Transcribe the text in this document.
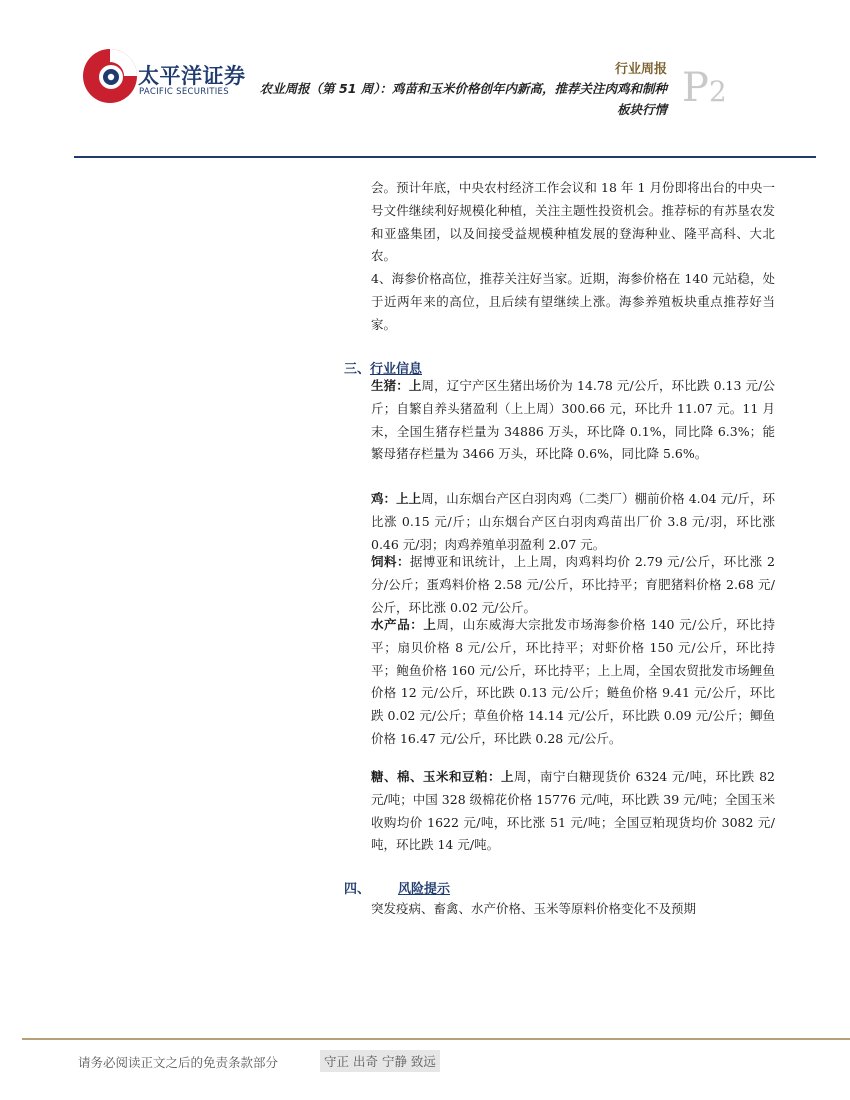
太平洋证券
PACIFIC SECURITIES
行业周报
农业周报（第 51 周）：鸡苗和玉米价格创年内新高，推荐关注肉鸡和制种板块行情 P2
会。预计年底，中央农村经济工作会议和 18 年 1 月份即将出台的中央一号文件继续利好规模化种植，关注主题性投资机会。推荐标的有苏垦农发和亚盛集团，以及间接受益规模种植发展的登海种业、隆平高科、大北农。
4、海参价格高位，推荐关注好当家。近期，海参价格在 140 元站稳，处于近两年来的高位，且后续有望继续上涨。海参养殖板块重点推荐好当家。
三、行业信息
生猪：上周，辽宁产区生猪出场价为 14.78 元/公斤，环比跌 0.13 元/公斤；自繁自养头猪盈利（上上周）300.66 元，环比升 11.07 元。11 月末，全国生猪存栏量为 34886 万头，环比降 0.1%，同比降 6.3%；能繁母猪存栏量为 3466 万头，环比降 0.6%，同比降 5.6%。
鸡：上上周，山东烟台产区白羽肉鸡（二类厂）棚前价格 4.04 元/斤，环比涨 0.15 元/斤；山东烟台产区白羽肉鸡苗出厂价 3.8 元/羽，环比涨 0.46 元/羽；肉鸡养殖单羽盈利 2.07 元。
饲料：据博亚和讯统计，上上周，肉鸡料均价 2.79 元/公斤，环比涨 2 分/公斤；蛋鸡料价格 2.58 元/公斤，环比持平；育肥猪料价格 2.68 元/公斤，环比涨 0.02 元/公斤。
水产品：上周，山东威海大宗批发市场海参价格 140 元/公斤，环比持平；扇贝价格 8 元/公斤，环比持平；对虾价格 150 元/公斤，环比持平；鲍鱼价格 160 元/公斤，环比持平；上上周，全国农贸批发市场鲤鱼价格 12 元/公斤，环比跌 0.13 元/公斤；鲢鱼价格 9.41 元/公斤，环比跌 0.02 元/公斤；草鱼价格 14.14 元/公斤，环比跌 0.09 元/公斤；鲫鱼价格 16.47 元/公斤，环比跌 0.28 元/公斤。
糖、棉、玉米和豆粕：上周，南宁白糖现货价 6324 元/吨，环比跌 82 元/吨；中国 328 级棉花价格 15776 元/吨，环比跌 39 元/吨；全国玉米收购均价 1622 元/吨，环比涨 51 元/吨；全国豆粕现货均价 3082 元/吨，环比跌 14 元/吨。
四、 风险提示
突发疫病、畜禽、水产价格、玉米等原料价格变化不及预期
请务必阅读正文之后的免责条款部分	守正 出奇 宁静 致远
